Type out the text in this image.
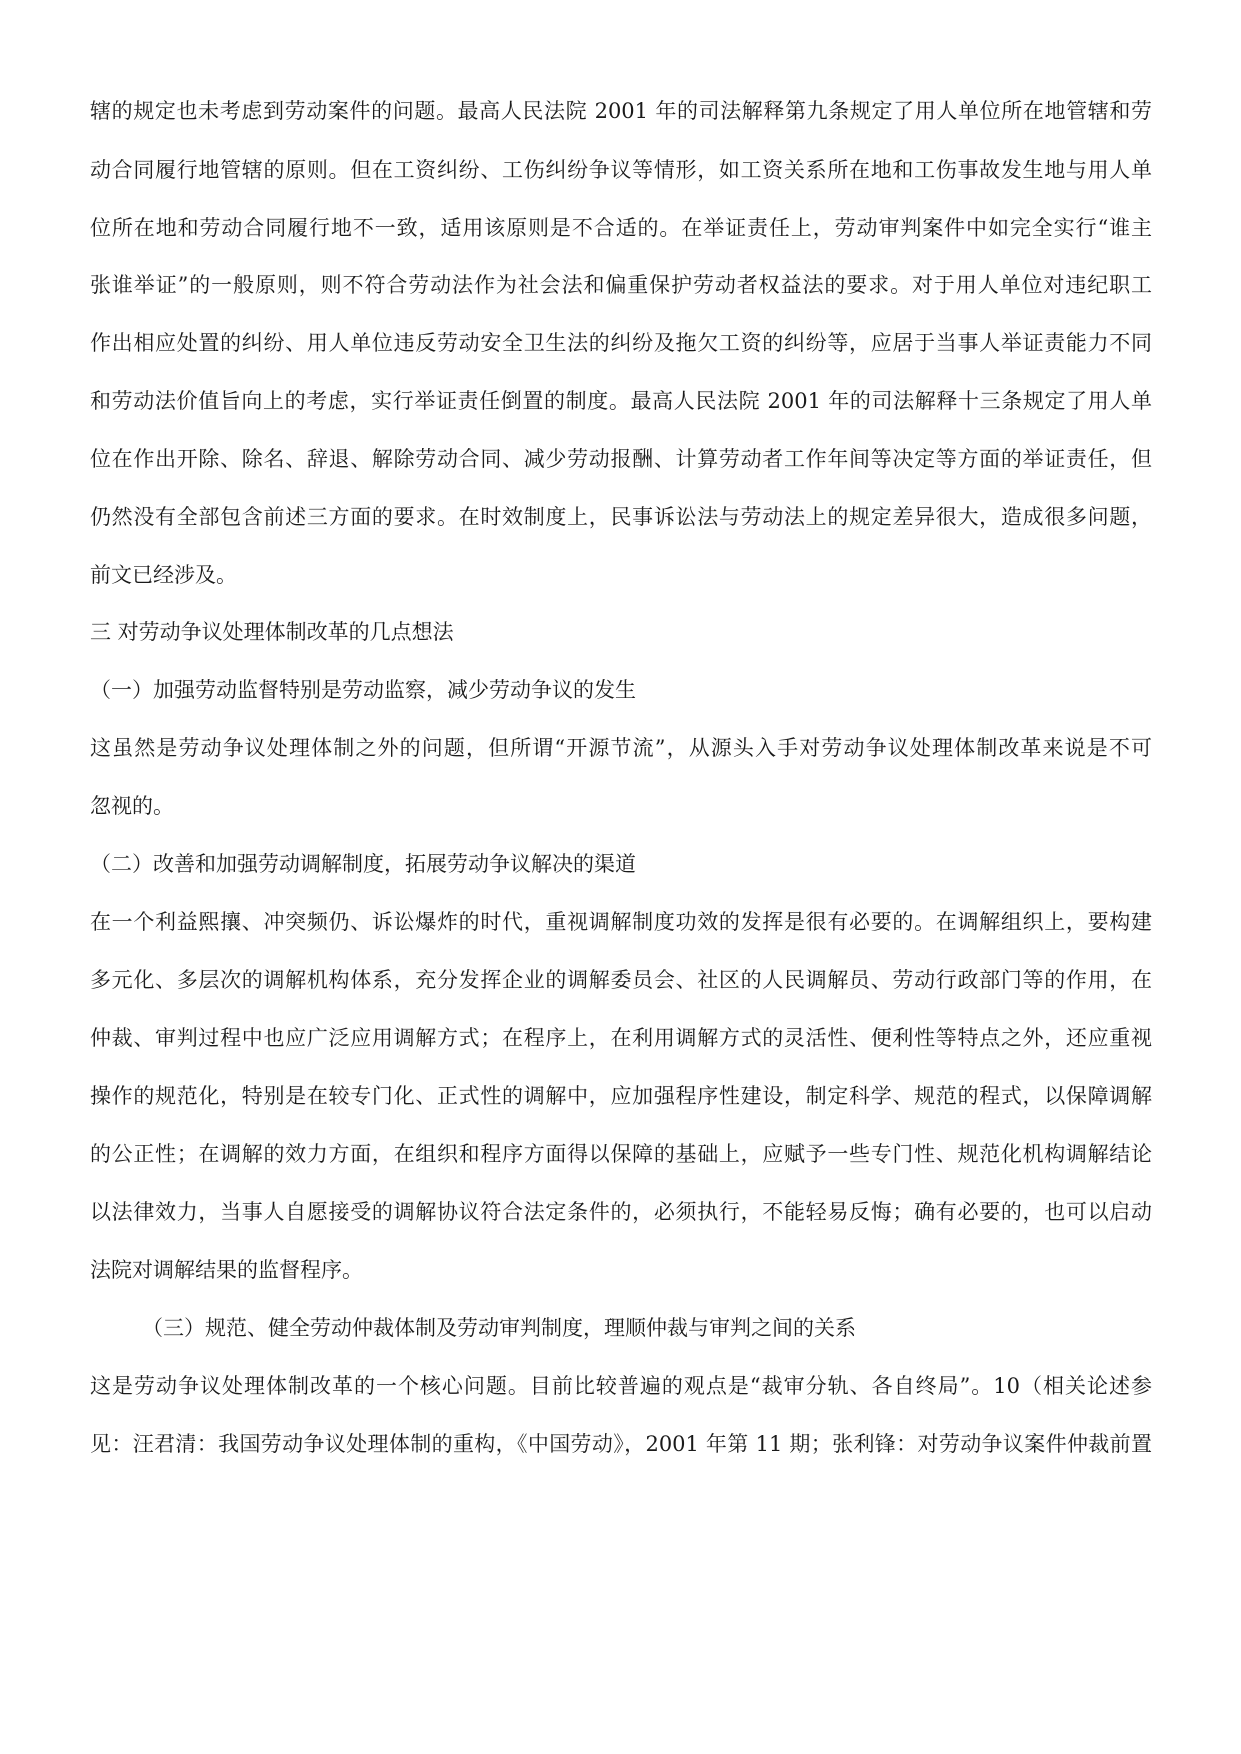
辖的规定也未考虑到劳动案件的问题。最高人民法院 2001 年的司法解释第九条规定了用人单位所在地管辖和劳
动合同履行地管辖的原则。但在工资纠纷、工伤纠纷争议等情形，如工资关系所在地和工伤事故发生地与用人单
位所在地和劳动合同履行地不一致，适用该原则是不合适的。在举证责任上，劳动审判案件中如完全实行“谁主
张谁举证”的一般原则，则不符合劳动法作为社会法和偏重保护劳动者权益法的要求。对于用人单位对违纪职工
作出相应处置的纠纷、用人单位违反劳动安全卫生法的纠纷及拖欠工资的纠纷等，应居于当事人举证责能力不同
和劳动法价值旨向上的考虑，实行举证责任倒置的制度。最高人民法院 2001 年的司法解释十三条规定了用人单
位在作出开除、除名、辞退、解除劳动合同、减少劳动报酬、计算劳动者工作年间等决定等方面的举证责任，但
仍然没有全部包含前述三方面的要求。在时效制度上，民事诉讼法与劳动法上的规定差异很大，造成很多问题，
前文已经涉及。
三 对劳动争议处理体制改革的几点想法
（一）加强劳动监督特别是劳动监察，减少劳动争议的发生
这虽然是劳动争议处理体制之外的问题，但所谓“开源节流”，从源头入手对劳动争议处理体制改革来说是不可
忽视的。
（二）改善和加强劳动调解制度，拓展劳动争议解决的渠道
在一个利益熙攘、冲突频仍、诉讼爆炸的时代，重视调解制度功效的发挥是很有必要的。在调解组织上，要构建
多元化、多层次的调解机构体系，充分发挥企业的调解委员会、社区的人民调解员、劳动行政部门等的作用，在
仲裁、审判过程中也应广泛应用调解方式；在程序上，在利用调解方式的灵活性、便利性等特点之外，还应重视
操作的规范化，特别是在较专门化、正式性的调解中，应加强程序性建设，制定科学、规范的程式，以保障调解
的公正性；在调解的效力方面，在组织和程序方面得以保障的基础上，应赋予一些专门性、规范化机构调解结论
以法律效力，当事人自愿接受的调解协议符合法定条件的，必须执行，不能轻易反悔；确有必要的，也可以启动
法院对调解结果的监督程序。
（三）规范、健全劳动仲裁体制及劳动审判制度，理顺仲裁与审判之间的关系
这是劳动争议处理体制改革的一个核心问题。目前比较普遍的观点是“裁审分轨、各自终局”。10（相关论述参
见：汪君清：我国劳动争议处理体制的重构，《中国劳动》，2001 年第 11 期；张利锋：对劳动争议案件仲裁前置
